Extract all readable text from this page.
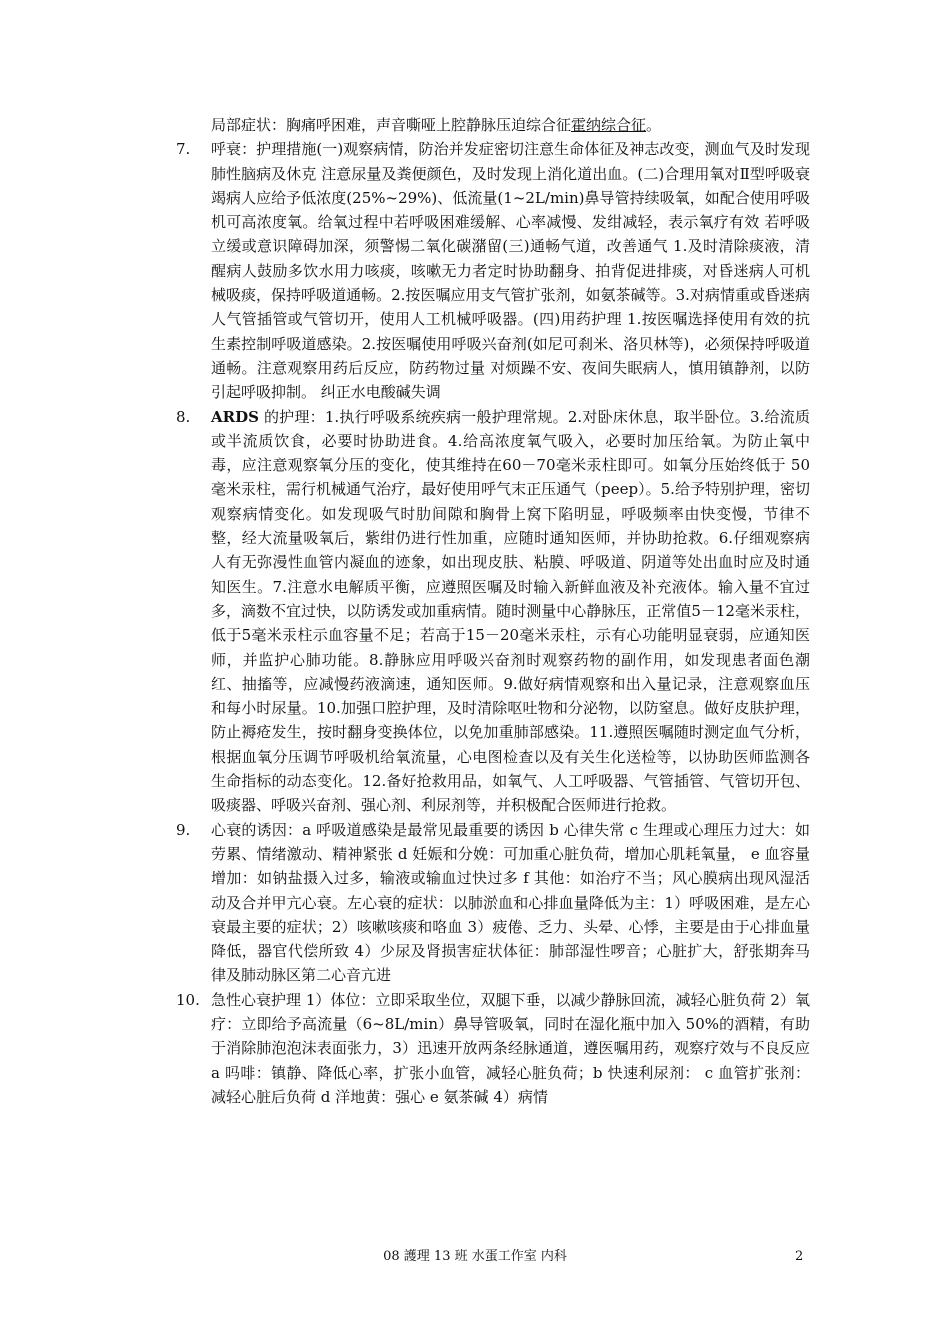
局部症状：胸痛呼困难，声音嘶哑上腔静脉压迫综合征霍纳综合征。
7.	呼衰：护理措施(一)观察病情，防治并发症密切注意生命体征及神志改变，测血气及时发现肺性脑病及休克 注意尿量及粪便颜色，及时发现上消化道出血。(二)合理用氧对Ⅱ型呼吸衰竭病人应给予低浓度(25%~29%)、低流量(1~2L/min)鼻导管持续吸氧，如配合使用呼吸机可高浓度氧。给氧过程中若呼吸困难缓解、心率减慢、发绀减轻，表示氧疗有效 若呼吸立缓或意识障碍加深，须警惕二氧化碳潴留(三)通畅气道，改善通气 1.及时清除痰液，清醒病人鼓励多饮水用力咳痰，咳嗽无力者定时协助翻身、拍背促进排痰，对昏迷病人可机械吸痰，保持呼吸道通畅。2.按医嘱应用支气管扩张剂，如氨茶碱等。3.对病情重或昏迷病人气管插管或气管切开，使用人工机械呼吸器。(四)用药护理 1.按医嘱选择使用有效的抗生素控制呼吸道感染。2.按医嘱使用呼吸兴奋剂(如尼可刹米、洛贝林等)，必须保持呼吸道通畅。注意观察用药后反应，防药物过量 对烦躁不安、夜间失眠病人，慎用镇静剂，以防引起呼吸抑制。 纠正水电酸碱失调
8.	ARDS 的护理：1.执行呼吸系统疾病一般护理常规。2.对卧床休息，取半卧位。3.给流质或半流质饮食，必要时协助进食。4.给高浓度氧气吸入，必要时加压给氧。为防止氧中毒，应注意观察氧分压的变化，使其维持在60－70毫米汞柱即可。如氧分压始终低于 50 毫米汞柱，需行机械通气治疗，最好使用呼气末正压通气（peep）。5.给予特别护理，密切观察病情变化。如发现吸气时肋间隙和胸骨上窝下陷明显，呼吸频率由快变慢，节律不整，经大流量吸氧后，紫绀仍进行性加重，应随时通知医师，并协助抢救。6.仔细观察病人有无弥漫性血管内凝血的迹象，如出现皮肤、粘膜、呼吸道、阴道等处出血时应及时通知医生。7.注意水电解质平衡，应遵照医嘱及时输入新鲜血液及补充液体。输入量不宜过多，滴数不宜过快，以防诱发或加重病情。随时测量中心静脉压，正常值5－12毫米汞柱，低于5毫米汞柱示血容量不足；若高于15－20毫米汞柱，示有心功能明显衰弱，应通知医师，并监护心肺功能。8.静脉应用呼吸兴奋剂时观察药物的副作用，如发现患者面色潮红、抽搐等，应减慢药液滴速，通知医师。9.做好病情观察和出入量记录，注意观察血压和每小时尿量。10.加强口腔护理，及时清除呕吐物和分泌物，以防窒息。做好皮肤护理，防止褥疮发生，按时翻身变换体位，以免加重肺部感染。11.遵照医嘱随时测定血气分析，根据血氧分压调节呼吸机给氧流量，心电图检查以及有关生化送检等，以协助医师监测各生命指标的动态变化。12.备好抢救用品，如氧气、人工呼吸器、气管插管、气管切开包、吸痰器、呼吸兴奋剂、强心剂、利尿剂等，并积极配合医师进行抢救。
9.	心衰的诱因：a 呼吸道感染是最常见最重要的诱因 b 心律失常 c 生理或心理压力过大：如劳累、情绪激动、精神紧张 d 妊娠和分娩：可加重心脏负荷，增加心肌耗氧量， e 血容量增加：如钠盐摄入过多，输液或输血过快过多 f 其他：如治疗不当；风心膜病出现风湿活动及合并甲亢心衰。左心衰的症状：以肺淤血和心排血量降低为主：1）呼吸困难，是左心衰最主要的症状；2）咳嗽咳痰和咯血 3）疲倦、乏力、头晕、心悸，主要是由于心排血量降低，器官代偿所致 4）少尿及肾损害症状体征：肺部湿性啰音；心脏扩大，舒张期奔马律及肺动脉区第二心音亢进
10. 急性心衰护理 1）体位：立即采取坐位，双腿下垂，以减少静脉回流，减轻心脏负荷 2）氧疗：立即给予高流量（6~8L/min）鼻导管吸氧，同时在湿化瓶中加入 50%的酒精，有助于消除肺泡泡沫表面张力，3）迅速开放两条经脉通道，遵医嘱用药，观察疗效与不良反应 a 吗啡：镇静、降低心率，扩张小血管，减轻心脏负荷；b 快速利尿剂： c 血管扩张剂：减轻心脏后负荷 d 洋地黄：强心 e 氨茶碱 4）病情
08 護理 13 班 水蛋工作室 内科	2
